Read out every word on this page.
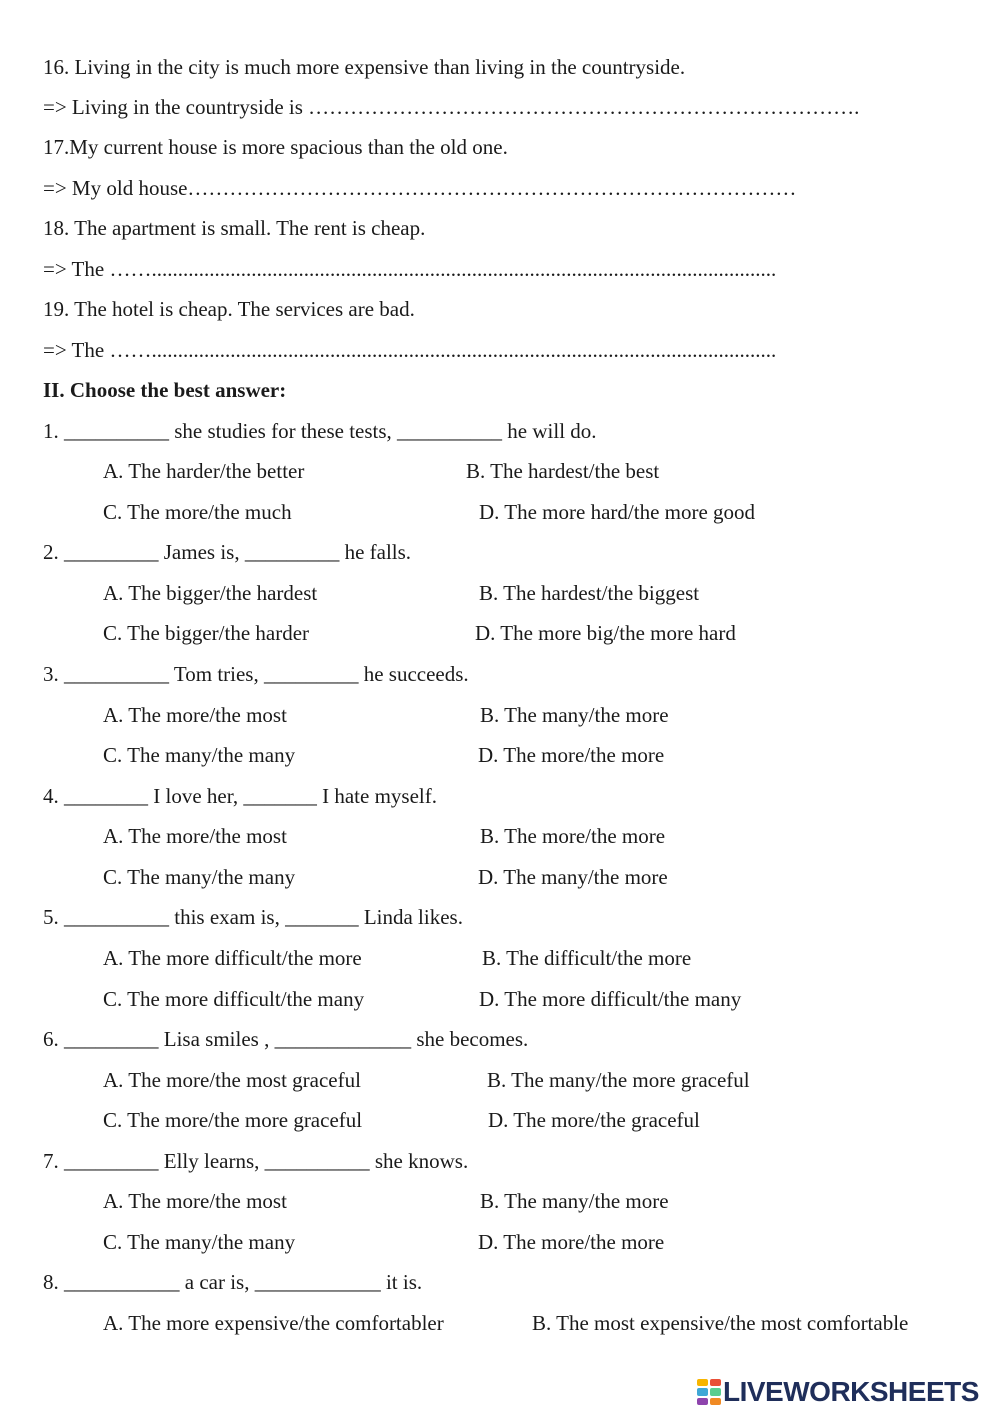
16. Living in the city is much more expensive than living in the countryside.
=> Living in the countryside is …………………………………………………………………….
17.My current house is more spacious than the old one.
=> My old house……………………………………………………………………………
18. The apartment is small. The rent is cheap.
=> The …….......................................................................................................................
19. The hotel is cheap. The services are bad.
=> The …….......................................................................................................................
II. Choose the best answer:
1. __________ she studies for these tests, __________ he will do.
A. The harder/the better	B. The hardest/the best
C. The more/the much	D. The more hard/the more good
2. _________ James is, _________ he falls.
A. The bigger/the hardest	B. The hardest/the biggest
C. The bigger/the harder	D. The more big/the more hard
3. __________ Tom tries, _________ he succeeds.
A. The more/the most	B. The many/the more
C. The many/the many	D. The more/the more
4. ________ I love her, _______ I hate myself.
A. The more/the most	B. The more/the more
C. The many/the many	D. The many/the more
5. __________ this exam is, _______ Linda likes.
A. The more difficult/the more	B. The difficult/the more
C. The more difficult/the many	D. The more difficult/the many
6. _________ Lisa smiles , _____________ she becomes.
A. The more/the most graceful	B. The many/the more graceful
C. The more/the more graceful	D. The more/the graceful
7. _________ Elly learns, __________ she knows.
A. The more/the most	B. The many/the more
C. The many/the many	D. The more/the more
8. ___________ a car is, ____________ it is.
A. The more expensive/the comfortabler	B. The most expensive/the most comfortable
LIVEWORKSHEETS
